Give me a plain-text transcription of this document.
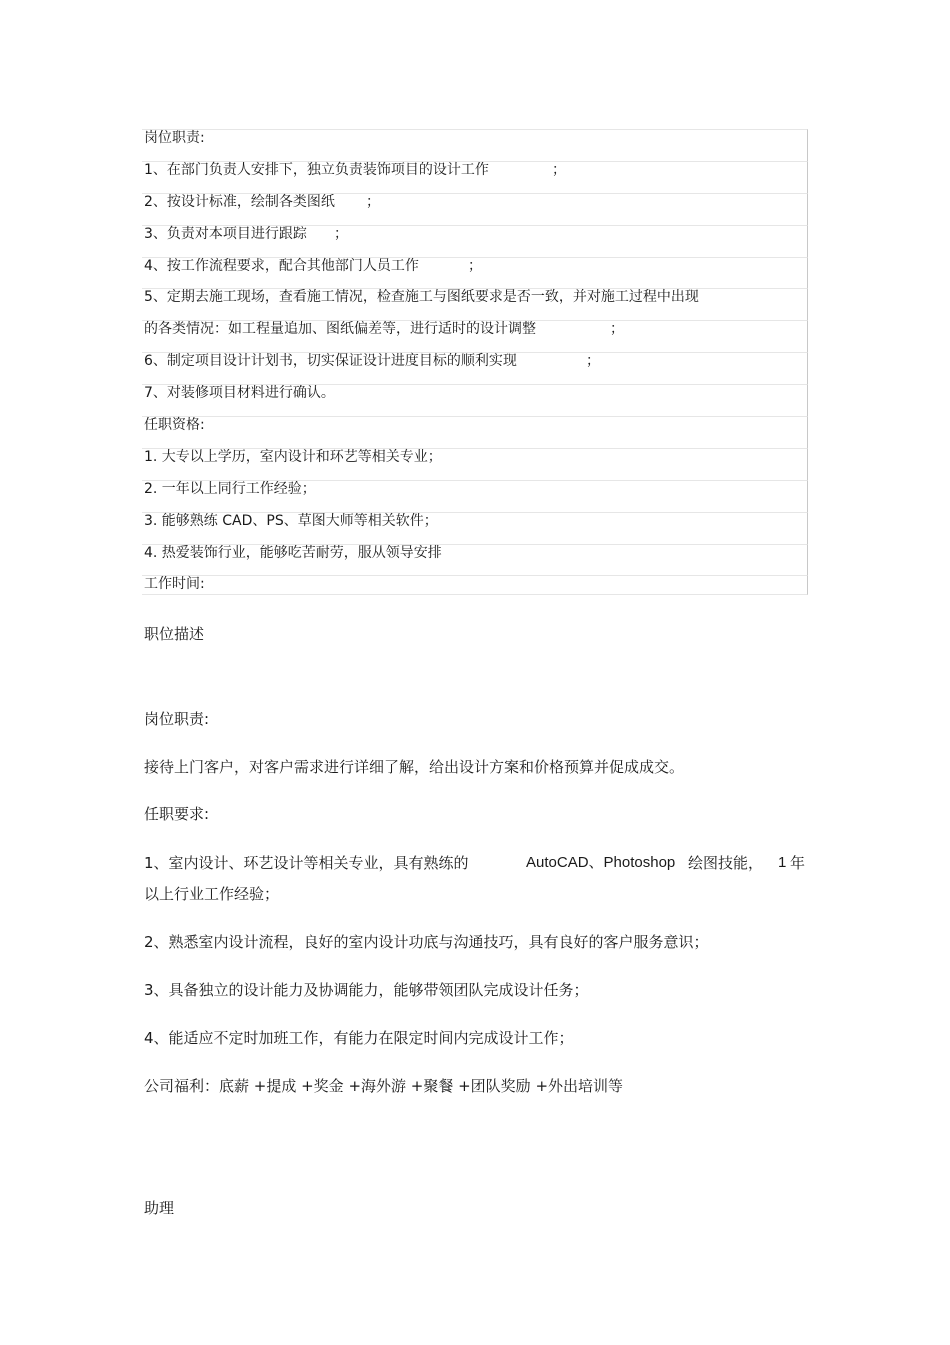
岗位职责:
1、在部门负责人安排下，独立负责装饰项目的设计工作	；
2、按设计标准，绘制各类图纸 ；
3、负责对本项目进行跟踪 ；
4、按工作流程要求，配合其他部门人员工作	；
5、定期去施工现场，查看施工情况，检查施工与图纸要求是否一致，并对施工过程中出现
的各类情况：如工程量追加、图纸偏差等，进行适时的设计调整	；
6、制定项目设计计划书，切实保证设计进度目标的顺利实现	；
7、对装修项目材料进行确认。
任职资格:
1. 大专以上学历，室内设计和环艺等相关专业；
2. 一年以上同行工作经验；
3. 能够熟练 CAD、PS、草图大师等相关软件；
4. 热爱装饰行业，能够吃苦耐劳，服从领导安排
工作时间:
职位描述
岗位职责:
接待上门客户，对客户需求进行详细了解，给出设计方案和价格预算并促成成交。
任职要求:
1、室内设计、环艺设计等相关专业，具有熟练的	AutoCAD、Photoshop 绘图技能， 1 年
以上行业工作经验；
2、熟悉室内设计流程，良好的室内设计功底与沟通技巧，具有良好的客户服务意识；
3、具备独立的设计能力及协调能力，能够带领团队完成设计任务；
4、能适应不定时加班工作，有能力在限定时间内完成设计工作；
公司福利：底薪 +提成 +奖金 +海外游 +聚餐 +团队奖励 +外出培训等
助理
